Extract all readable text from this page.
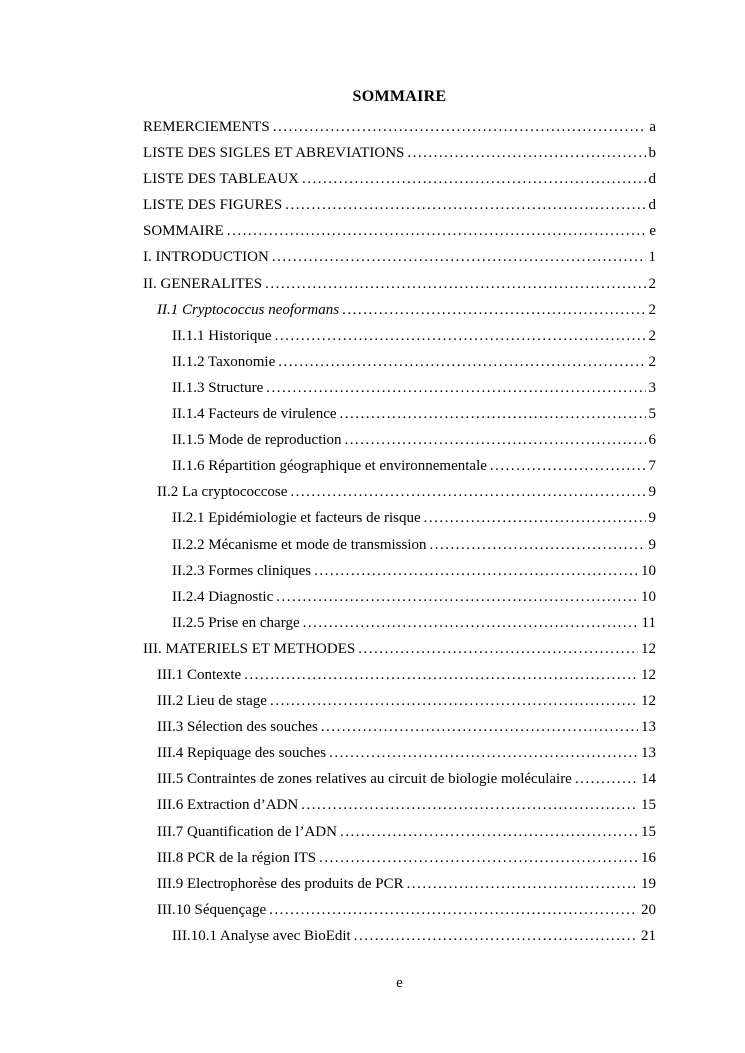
SOMMAIRE
REMERCIEMENTS .....	a
LISTE DES SIGLES ET ABREVIATIONS .....	b
LISTE DES TABLEAUX .....	d
LISTE DES FIGURES .....	d
SOMMAIRE .....	e
I. INTRODUCTION .....	1
II. GENERALITES .....	2
II.1 Cryptococcus neoformans .....	2
II.1.1 Historique .....	2
II.1.2 Taxonomie .....	2
II.1.3 Structure .....	3
II.1.4 Facteurs de virulence .....	5
II.1.5 Mode de reproduction .....	6
II.1.6 Répartition géographique et environnementale .....	7
II.2 La cryptococcose .....	9
II.2.1 Epidémiologie et facteurs de risque .....	9
II.2.2 Mécanisme et mode de transmission .....	9
II.2.3 Formes cliniques .....	10
II.2.4 Diagnostic .....	10
II.2.5 Prise en charge .....	11
III. MATERIELS ET METHODES .....	12
III.1 Contexte .....	12
III.2 Lieu de stage .....	12
III.3 Sélection des souches .....	13
III.4 Repiquage des souches .....	13
III.5 Contraintes de zones relatives au circuit de biologie moléculaire .....	14
III.6 Extraction d’ADN .....	15
III.7 Quantification de l’ADN .....	15
III.8 PCR de la région ITS .....	16
III.9 Electrophorèse des produits de PCR .....	19
III.10 Séquençage .....	20
III.10.1 Analyse avec BioEdit .....	21
e
